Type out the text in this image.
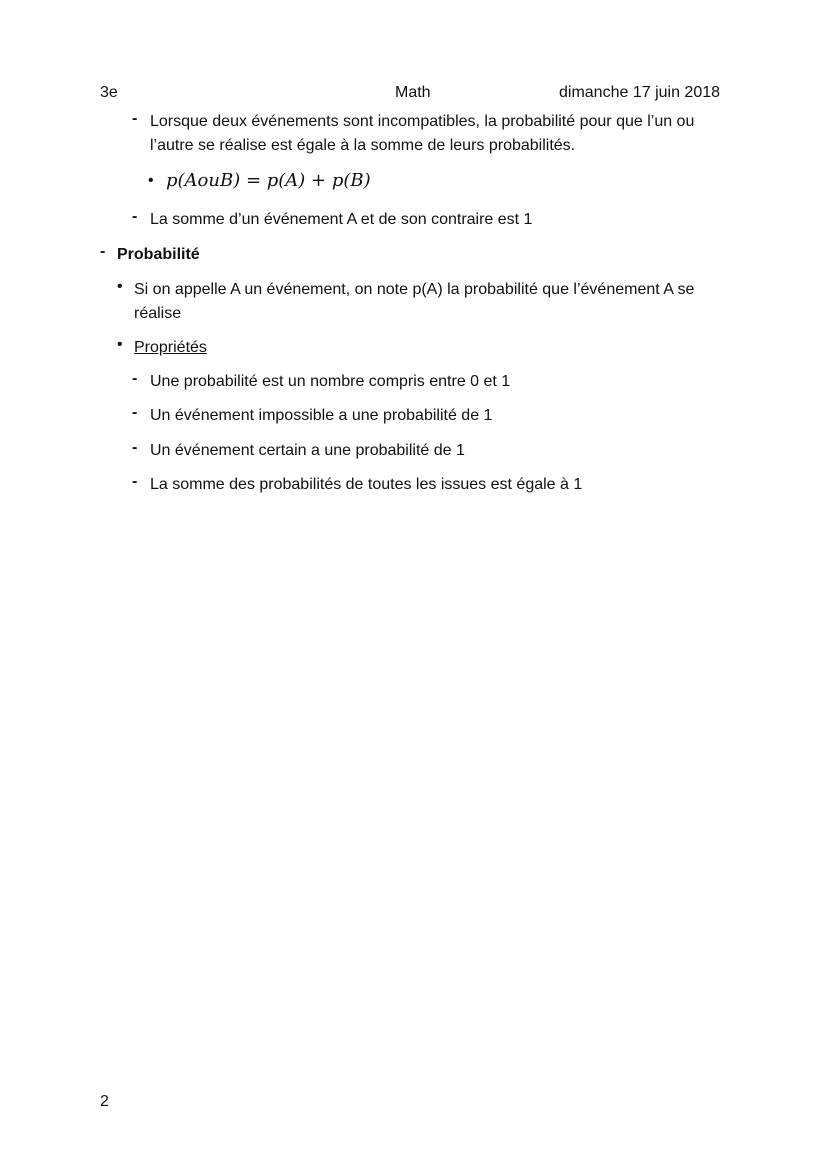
3e	Math	dimanche 17 juin 2018
- Lorsque deux événements sont incompatibles, la probabilité pour que l’un ou
l’autre se réalise est égale à la somme de leurs probabilités.
• p(AouB) = p(A) + p(B)
- La somme d’un événement A et de son contraire est 1
- Probabilité
• Si on appelle A un événement, on note p(A) la probabilité que l’événement A se
réalise
• Propriétés
- Une probabilité est un nombre compris entre 0 et 1
- Un événement impossible a une probabilité de 1
- Un événement certain a une probabilité de 1
- La somme des probabilités de toutes les issues est égale à 1
2
